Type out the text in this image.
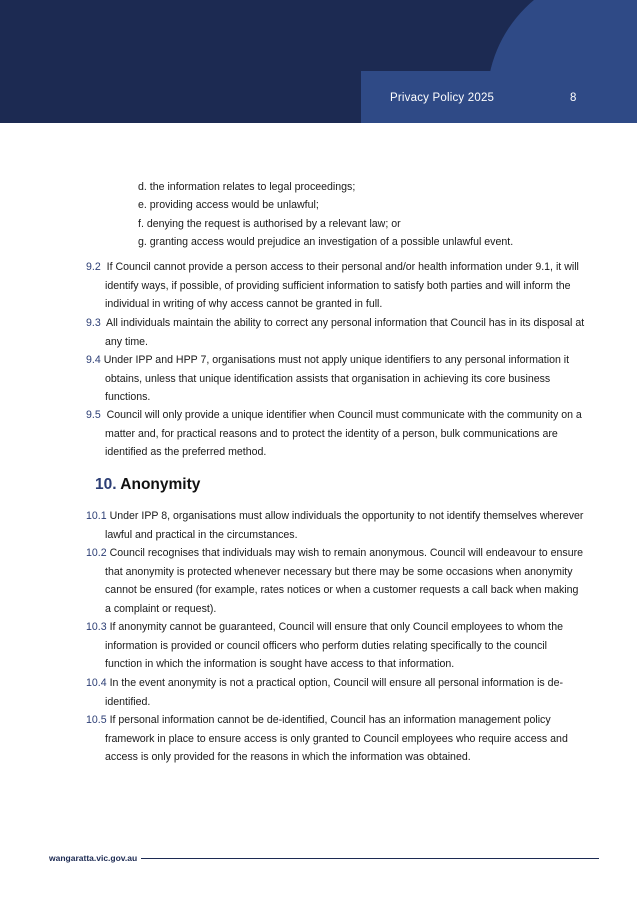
Privacy Policy 2025	8
d. the information relates to legal proceedings;
e. providing access would be unlawful;
f. denying the request is authorised by a relevant law; or
g. granting access would prejudice an investigation of a possible unlawful event.
9.2 If Council cannot provide a person access to their personal and/or health information under 9.1, it will identify ways, if possible, of providing sufficient information to satisfy both parties and will inform the individual in writing of why access cannot be granted in full.
9.3 All individuals maintain the ability to correct any personal information that Council has in its disposal at any time.
9.4 Under IPP and HPP 7, organisations must not apply unique identifiers to any personal information it obtains, unless that unique identification assists that organisation in achieving its core business functions.
9.5 Council will only provide a unique identifier when Council must communicate with the community on a matter and, for practical reasons and to protect the identity of a person, bulk communications are identified as the preferred method.
10. Anonymity
10.1 Under IPP 8, organisations must allow individuals the opportunity to not identify themselves wherever lawful and practical in the circumstances.
10.2 Council recognises that individuals may wish to remain anonymous. Council will endeavour to ensure that anonymity is protected whenever necessary but there may be some occasions when anonymity cannot be ensured (for example, rates notices or when a customer requests a call back when making a complaint or request).
10.3 If anonymity cannot be guaranteed, Council will ensure that only Council employees to whom the information is provided or council officers who perform duties relating specifically to the council function in which the information is sought have access to that information.
10.4 In the event anonymity is not a practical option, Council will ensure all personal information is de-identified.
10.5 If personal information cannot be de-identified, Council has an information management policy framework in place to ensure access is only granted to Council employees who require access and access is only provided for the reasons in which the information was obtained.
wangaratta.vic.gov.au
